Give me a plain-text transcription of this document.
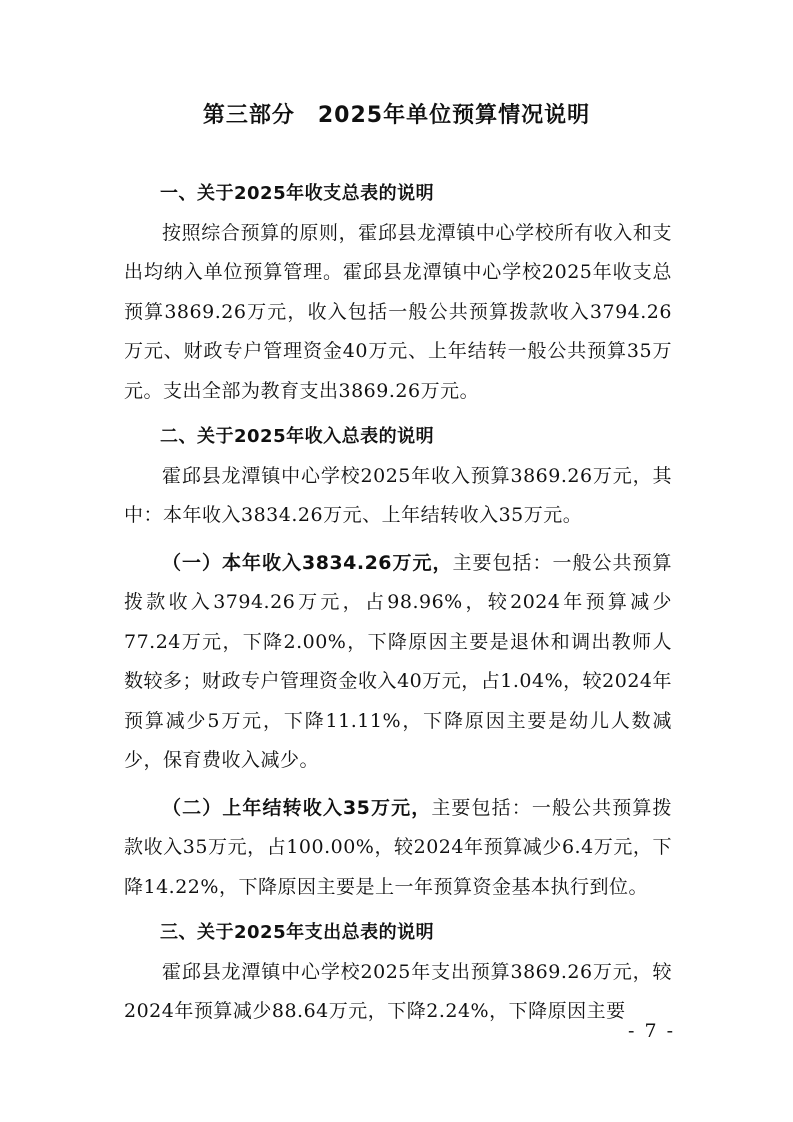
第三部分　2025年单位预算情况说明

一、关于2025年收支总表的说明

按照综合预算的原则，霍邱县龙潭镇中心学校所有收入和支出均纳入单位预算管理。霍邱县龙潭镇中心学校2025年收支总预算3869.26万元，收入包括一般公共预算拨款收入3794.26万元、财政专户管理资金40万元、上年结转一般公共预算35万元。支出全部为教育支出3869.26万元。

二、关于2025年收入总表的说明

霍邱县龙潭镇中心学校2025年收入预算3869.26万元，其中：本年收入3834.26万元、上年结转收入35万元。

（一）本年收入3834.26万元，主要包括：一般公共预算拨款收入3794.26万元，占98.96%，较2024年预算减少77.24万元，下降2.00%，下降原因主要是退休和调出教师人数较多；财政专户管理资金收入40万元，占1.04%，较2024年预算减少5万元，下降11.11%，下降原因主要是幼儿人数减少，保育费收入减少。

（二）上年结转收入35万元，主要包括：一般公共预算拨款收入35万元，占100.00%，较2024年预算减少6.4万元，下降14.22%，下降原因主要是上一年预算资金基本执行到位。

三、关于2025年支出总表的说明

霍邱县龙潭镇中心学校2025年支出预算3869.26万元，较2024年预算减少88.64万元，下降2.24%，下降原因主要

- 7 -
